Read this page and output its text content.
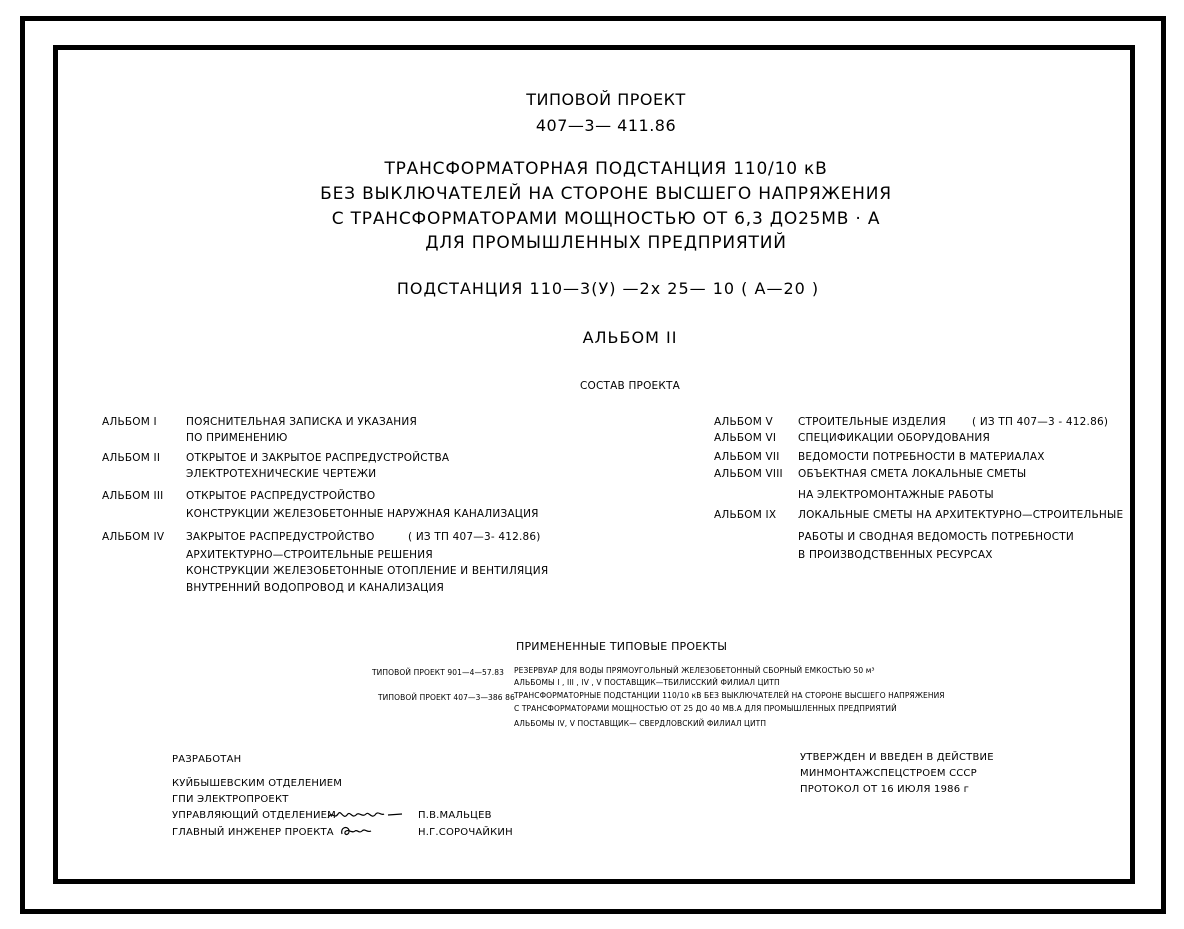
ТИПОВОЙ ПРОЕКТ
407—3— 411.86
ТРАНСФОРМАТОРНАЯ ПОДСТАНЦИЯ 110/10 кВ
БЕЗ ВЫКЛЮЧАТЕЛЕЙ НА СТОРОНЕ ВЫСШЕГО НАПРЯЖЕНИЯ
С ТРАНСФОРМАТОРАМИ МОЩНОСТЬЮ ОТ 6,3 ДО25МВ · А
ДЛЯ ПРОМЫШЛЕННЫХ ПРЕДПРИЯТИЙ
ПОДСТАНЦИЯ 110—3(У) —2х 25— 10 ( А—20 )
АЛЬБОМ II
СОСТАВ ПРОЕКТА
АЛЬБОМ I	ПОЯСНИТЕЛЬНАЯ ЗАПИСКА И УКАЗАНИЯ
ПО ПРИМЕНЕНИЮ
АЛЬБОМ II ОТКРЫТОЕ И ЗАКРЫТОЕ РАСПРЕДУСТРОЙСТВА
ЭЛЕКТРОТЕХНИЧЕСКИЕ ЧЕРТЕЖИ
АЛЬБОМ III ОТКРЫТОЕ РАСПРЕДУСТРОЙСТВО
КОНСТРУКЦИИ ЖЕЛЕЗОБЕТОННЫЕ НАРУЖНАЯ КАНАЛИЗАЦИЯ
АЛЬБОМ IV ЗАКРЫТОЕ РАСПРЕДУСТРОЙСТВО	( ИЗ ТП 407—3- 412.86)
АРХИТЕКТУРНО—СТРОИТЕЛЬНЫЕ РЕШЕНИЯ
КОНСТРУКЦИИ ЖЕЛЕЗОБЕТОННЫЕ ОТОПЛЕНИЕ И ВЕНТИЛЯЦИЯ
ВНУТРЕННИЙ ВОДОПРОВОД И КАНАЛИЗАЦИЯ
АЛЬБОМ V СТРОИТЕЛЬНЫЕ ИЗДЕЛИЯ ( ИЗ ТП 407—3 - 412.86)
АЛЬБОМ VI СПЕЦИФИКАЦИИ ОБОРУДОВАНИЯ
АЛЬБОМ VII ВЕДОМОСТИ ПОТРЕБНОСТИ В МАТЕРИАЛАХ
АЛЬБОМ VIII ОБЪЕКТНАЯ СМЕТА ЛОКАЛЬНЫЕ СМЕТЫ
НА ЭЛЕКТРОМОНТАЖНЫЕ РАБОТЫ
АЛЬБОМ IX ЛОКАЛЬНЫЕ СМЕТЫ НА АРХИТЕКТУРНО—СТРОИТЕЛЬНЫЕ
РАБОТЫ И СВОДНАЯ ВЕДОМОСТЬ ПОТРЕБНОСТИ
В ПРОИЗВОДСТВЕННЫХ РЕСУРСАХ
ПРИМЕНЕННЫЕ ТИПОВЫЕ ПРОЕКТЫ
ТИПОВОЙ ПРОЕКТ 901—4—57.83 РЕЗЕРВУАР ДЛЯ ВОДЫ ПРЯМОУГОЛЬНЫЙ ЖЕЛЕЗОБЕТОННЫЙ СБОРНЫЙ ЕМКОСТЬЮ 50 м³
АЛЬБОМЫ I , III , IV , V ПОСТАВЩИК—ТБИЛИССКИЙ ФИЛИАЛ ЦИТП
ТИПОВОЙ ПРОЕКТ 407—3—386 86 ТРАНСФОРМАТОРНЫЕ ПОДСТАНЦИИ 110/10 кВ БЕЗ ВЫКЛЮЧАТЕЛЕЙ НА СТОРОНЕ ВЫСШЕГО НАПРЯЖЕНИЯ
С ТРАНСФОРМАТОРАМИ МОЩНОСТЬЮ ОТ 25 ДО 40 МВ.А ДЛЯ ПРОМЫШЛЕННЫХ ПРЕДПРИЯТИЙ
АЛЬБОМЫ IV, V ПОСТАВЩИК— СВЕРДЛОВСКИЙ ФИЛИАЛ ЦИТП
РАЗРАБОТАН
КУЙБЫШЕВСКИМ ОТДЕЛЕНИЕМ
ГПИ ЭЛЕКТРОПРОЕКТ
УПРАВЛЯЮЩИЙ ОТДЕЛЕНИЕМ	П.В.МАЛЬЦЕВ
ГЛАВНЫЙ ИНЖЕНЕР ПРОЕКТА	Н.Г.СОРОЧАЙКИН
УТВЕРЖДЕН И ВВЕДЕН В ДЕЙСТВИЕ
МИНМОНТАЖСПЕЦСТРОЕМ СССР
ПРОТОКОЛ ОТ 16 ИЮЛЯ 1986 г
